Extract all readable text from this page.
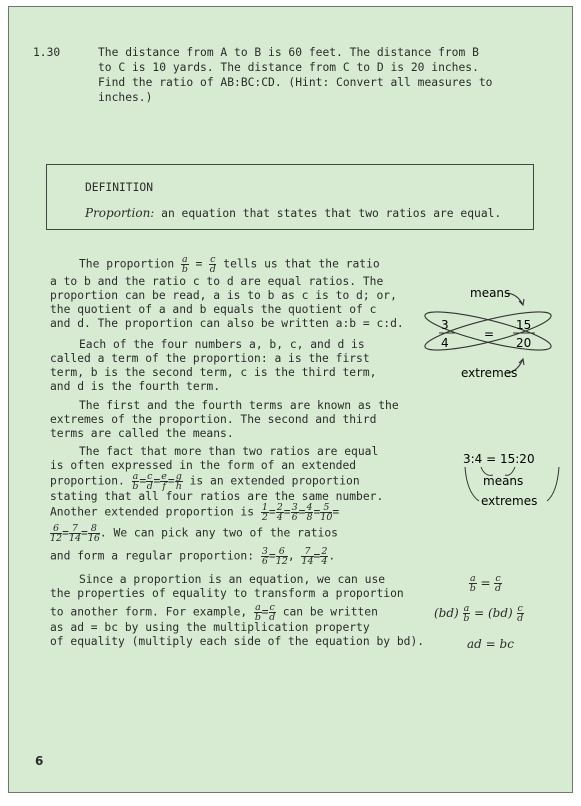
1.30	The distance from A to B is 60 feet. The distance from B
to C is 10 yards. The distance from C to D is 20 inches.
Find the ratio of AB:BC:CD. (Hint: Convert all measures to
inches.)
DEFINITION
Proportion: an equation that states that two ratios are equal.
The proportion $\frac{a}{b} = \frac{c}{d}$ tells us that the ratio
a to b and the ratio c to d are equal ratios. The
proportion can be read, a is to b as c is to d; or,
the quotient of a and b equals the quotient of c
and d. The proportion can also be written a:b = c:d.
Each of the four numbers a, b, c, and d is
called a term of the proportion: a is the first
term, b is the second term, c is the third term,
and d is the fourth term.
The first and the fourth terms are known as the
extremes of the proportion. The second and third
terms are called the means.
The fact that more than two ratios are equal
is often expressed in the form of an extended
proportion. $\frac{a}{b} = \frac{c}{d} = \frac{e}{f} = \frac{g}{h}$ is an extended proportion
stating that all four ratios are the same number.
Another extended proportion is $\frac{1}{2} = \frac{2}{4} = \frac{3}{6} = \frac{4}{8} = \frac{5}{10}$ =
$\frac{6}{12} = \frac{7}{14} = \frac{8}{16}$ . We can pick any two of the ratios
and form a regular proportion: $\frac{3}{6} = \frac{6}{12}$ , $\frac{7}{14} = \frac{2}{4}$ .
Since a proportion is an equation, we can use
the properties of equality to transform a proportion
to another form. For example, $\frac{a}{b} = \frac{c}{d}$ can be written
as ad = bc by using the multiplication property
of equality (multiply each side of the equation by bd).
means
extremes
3	15
4	20
=
3:4 = 15:20
means
extremes
$\frac{a}{b} = \frac{c}{d}$
$(bd) \frac{a}{b} = (bd) \frac{c}{d}$
ad = bc
6
